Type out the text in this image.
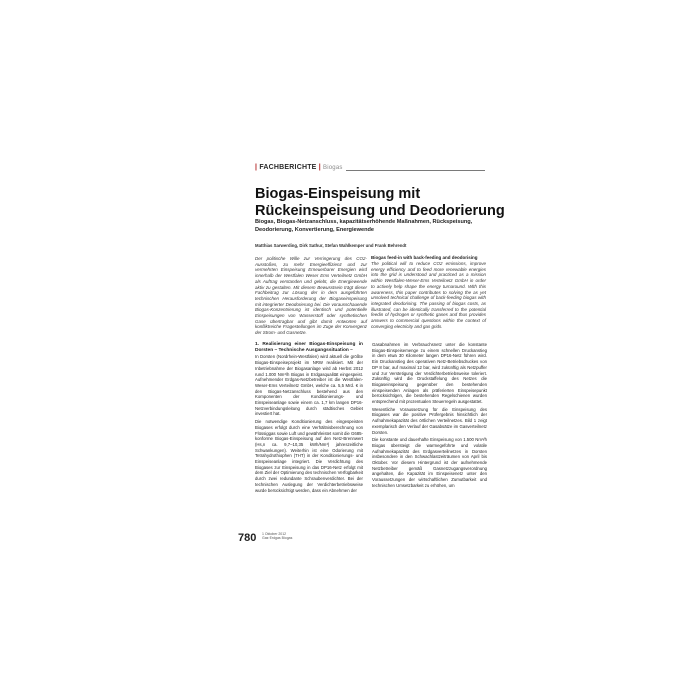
| FACHBERICHTE | Biogas
Biogas-Einspeisung mit Rückeinspeisung und Deodorierung
Biogas, Biogas-Netzanschluss, kapazitätserhöhende Maßnahmen, Rückspeisung, Deodorierung, Konvertierung, Energiewende
Matthias Sarwerding, Dirk Sathur, Stefan Wahlkemper und Frank Behrendt
Der politische Wille zur Verringerung des CO2-Ausstoßes, zu mehr Energieeffizienz und zur vermehrten Einspeisung Erneuerbarer Energien wird innerhalb der Westfalen Weser Ems Verteilnetz GmbH als Auftrag verstanden und gelebt, die Energiewende aktiv zu gestalten. Mit diesem Bewusstsein trägt dieser Fachbeitrag zur Lösung der in dem ausgeführten technischen Herausforderung der Biogaseinspeisung mit integrierter Deodorierung bei. Die vorausschauende Biogas-Konzentrierung ist identisch und potentielle Einspeisungen von Wasserstoff oder synthetischen Gase übertragbar und gibt damit Antworten auf konfliktreiche Fragestellungen im Zuge der Konvergenz der Strom- und Gasnetze.
Biogas feed-in with back-feeding and deodorising
The political will to reduce CO2 emissions, improve energy efficiency and to feed more renewable energies into the grid is understood and practiced as a mission within Westfalen-Weser-Ems Verteilnetz GmbH in order to actively help shape the energy turnaround. With this awareness, this paper contributes to solving the as yet unsolved technical challenge of back-feeding biogas with integrated deodorising. The passing of biogas costs, as illustrated, can be identically transferred to the potential feedin of hydrogen or synthetic gases and thus provides answers to commercial questions within the context of converging electricity and gas grids.
1. Realisierung einer Biogas-Einspeisung in Dorsten – Technische Ausgangssituation –

In Dorsten (Nordrhein-Westfalen) wird aktuell die größte Biogas-Einspeiseprojekt im NRW realisiert. Mit der Inbetriebnahme der Biogasanlage wird ab Herbst 2012 rund 1.000 Nm³/h Biogas in Erdgasqualität eingespeist. Aufnehmender Erdgas-Netzbetreiber ist die Westfalen-Weser-Ems Verteilnetz GmbH, welche ca. 5,5 Mrd. € in den Biogas-Netzanschluss bestehend aus den Komponenten der Konditionierungs- und Einspeiseanlage sowie einem ca. 1,7 km langen DP16-Netzverbindungsleitung durch städtisches Gebiet investiert hat.

Die notwendige Konditionierung des eingespeisten Biogases erfolgt durch eine Verhältnisberechnung von Flüssiggas sowie Luft und gewährleistet somit die G685-konforme Biogas-Einspeisung auf den Netz-Brennwert (Hs,n ca. 9,7–10,35 kWh/Nm³) jahreszeitliche Schwankungen). Weiterhin ist eine Odorierung mit Tetrahydrothiophen (THT) in der Konditionierungs- und Einspeiseanlage integriert. Die Verdichtung des Biogases zur Einspeisung in das DP16-Netz erfolgt mit dem Ziel der Optimierung des technischen Verfügbarkeit durch zwei redundante Schraubenverdichter. Bei der technischen Auslegung der Verdichterbetriebsweise wurde berücksichtigt werden, dass ein Abnehmen der

Gasabnahmen im Verbrauchsnetz unter die konstante Biogas-Einspeisemenge zu einem schnellen Druckanstieg in dem etwa 30 Kilometer langen DP16-Netz führen wird. Ein Druckanstieg des operativen Netz-Betriebsdruckes von DP 8 bar, auf maximal 12 bar, wird zukünftig als Netzpuffer und zur Verstetigung der Verdichterbetriebsweise toleriert. Zukünftig wird die Druckstaffelung des Netzes die Biogaseinspeisung gegenüber den bestehenden einspeisenden Anlagen als präferierten Einspeisepunkt berücksichtigen, die bestehenden Regelschienen wurden entsprechend mit prozentualen Steuerregeln ausgestattet.

Wesentliche Voraussetzung für die Einspeisung des Biogases war die positive Prüfergebnis hinsichtlich der Aufnahmekapazität des örtlichen Verteilnetzes. Bild 1 zeigt exemplarisch den Verlauf der Gasabsätze im Gasverteilnetz Dorsten.

Die konstante und dauerhafte Einspeisung von 1.500 Nm³/h Biogas übersteigt die warmegeführte und volatile Aufnahmekapazität des Erdgasverteilnetzes in Dorsten insbesondere in den Schwachlastzeiträumen von April bis Oktober. Vor diesem Hintergrund ist der aufnehmende Netzbetreiber gemäß Gasnetzzugangsverordnung angehalten, die Kapazität im Einspeisenetz unter den Voraussetzungen der wirtschaftlichen Zumutbarkeit und technischen Umsetzbarkeit zu erhöhen, um

780 1 Oktober 2012
Gas·Erdgas Biogas
